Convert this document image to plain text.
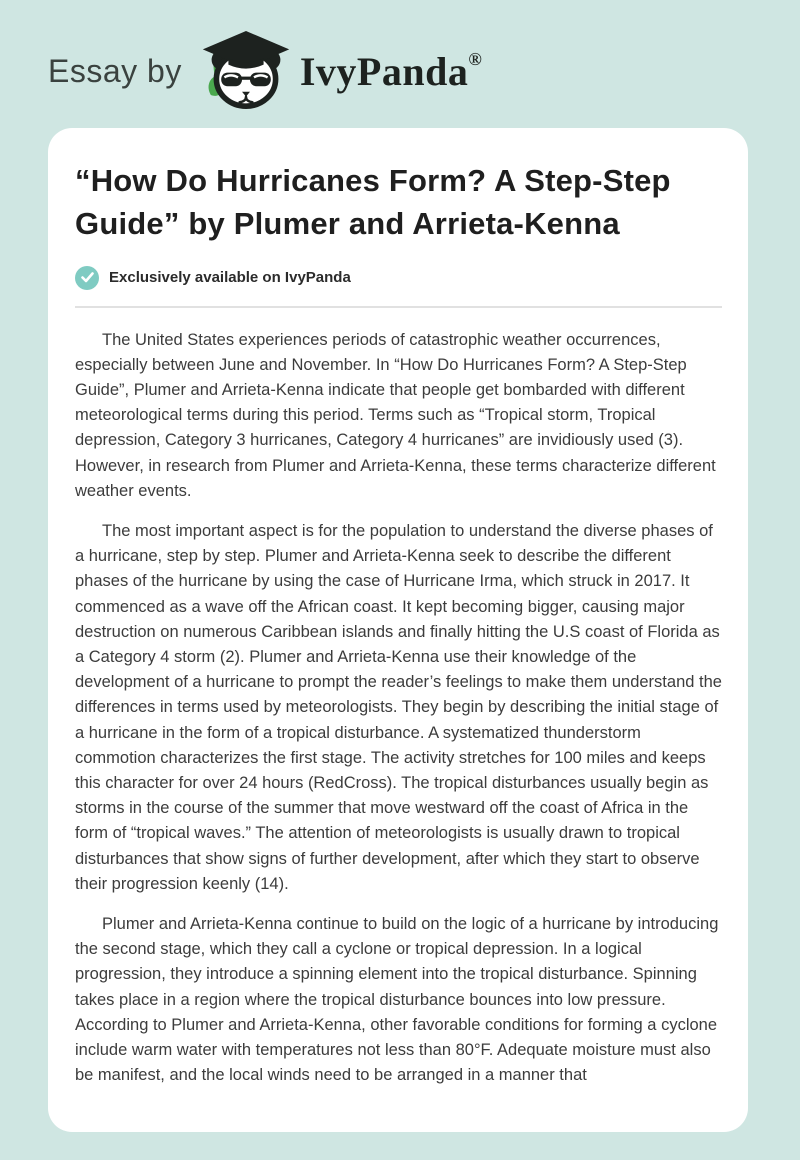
Essay by	IvyPanda ®
“How Do Hurricanes Form? A Step-Step Guide” by Plumer and Arrieta-Kenna
Exclusively available on IvyPanda

The United States experiences periods of catastrophic weather occurrences, especially between June and November. In “How Do Hurricanes Form? A Step-Step Guide”, Plumer and Arrieta-Kenna indicate that people get bombarded with different meteorological terms during this period. Terms such as “Tropical storm, Tropical depression, Category 3 hurricanes, Category 4 hurricanes” are invidiously used (3). However, in research from Plumer and Arrieta-Kenna, these terms characterize different weather events.

The most important aspect is for the population to understand the diverse phases of a hurricane, step by step. Plumer and Arrieta-Kenna seek to describe the different phases of the hurricane by using the case of Hurricane Irma, which struck in 2017. It commenced as a wave off the African coast. It kept becoming bigger, causing major destruction on numerous Caribbean islands and finally hitting the U.S coast of Florida as a Category 4 storm (2). Plumer and Arrieta-Kenna use their knowledge of the development of a hurricane to prompt the reader’s feelings to make them understand the differences in terms used by meteorologists. They begin by describing the initial stage of a hurricane in the form of a tropical disturbance. A systematized thunderstorm commotion characterizes the first stage. The activity stretches for 100 miles and keeps this character for over 24 hours (RedCross). The tropical disturbances usually begin as storms in the course of the summer that move westward off the coast of Africa in the form of “tropical waves.” The attention of meteorologists is usually drawn to tropical disturbances that show signs of further development, after which they start to observe their progression keenly (14).

Plumer and Arrieta-Kenna continue to build on the logic of a hurricane by introducing the second stage, which they call a cyclone or tropical depression. In a logical progression, they introduce a spinning element into the tropical disturbance. Spinning takes place in a region where the tropical disturbance bounces into low pressure. According to Plumer and Arrieta-Kenna, other favorable conditions for forming a cyclone include warm water with temperatures not less than 80°F. Adequate moisture must also be manifest, and the local winds need to be arranged in a manner that
